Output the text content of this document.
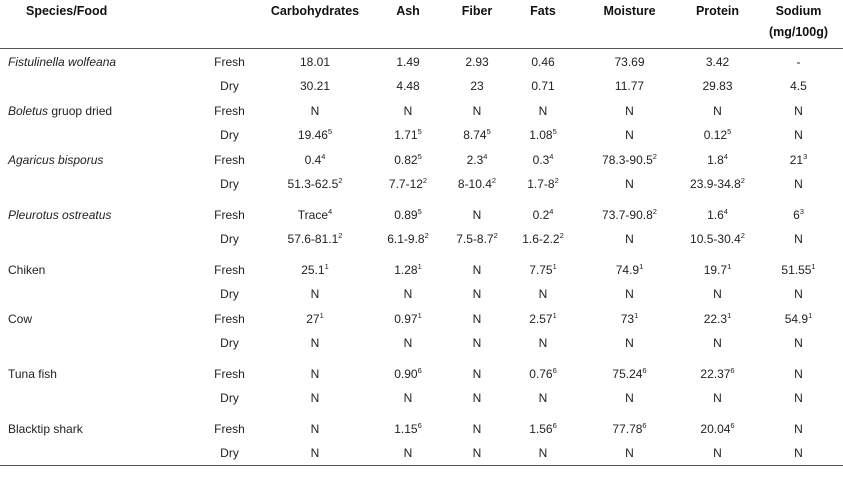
Species/Food		Carbohydrates	Ash	Fiber	Fats	Moisture	Protein	Sodium
								(mg/100g)
Fistulinella wolfeana	Fresh	18.01	1.49	2.93	0.46	73.69	3.42	-
	Dry	30.21	4.48	23	0.71	11.77	29.83	4.5
Boletus gruop dried	Fresh	N	N	N	N	N	N	N
	Dry	19.46$^5$	1.71$^5$	8.74$^5$	1.08$^5$	N	0.12$^5$	N
Agaricus bisporus	Fresh	$0.4^4$	0.82$^5$	$2.3^4$	$0.3^4$	78.3-90.5$^2$	$1.8^4$	$21^3$
	Dry	51.3-62.5$^2$	$7.7-12^2$	8-10.4$^2$	$1.7-8^2$	N	23.9-34.8$^2$	N
Pleurotus ostreatus	Fresh	Trace$^4$	0.89$^5$	N	$0.2^4$	73.7-90.8$^2$	$1.6^4$	$6^3$
	Dry	57.6-81.1$^2$	$6.1-9.8^2$	$7.5-8.7^2$	$1.6-2.2^2$	N	10.5-30.4$^2$	N
Chiken	Fresh	25.1$^1$	1.28$^1$	N	7.75$^1$	74.9$^1$	19.7$^1$	51.55$^1$
	Dry	N	N	N	N	N	N	N
Cow	Fresh	$27^1$	0.97$^1$	N	2.57$^1$	$73^1$	22.3$^1$	54.9$^1$
	Dry	N	N	N	N	N	N	N
Tuna fish	Fresh	N	0.90$^6$	N	0.76$^6$	75.24$^6$	22.37$^6$	N
	Dry	N	N	N	N	N	N	N
Blacktip shark	Fresh	N	1.15$^6$	N	1.56$^6$	77.78$^6$	20.04$^6$	N
	Dry	N	N	N	N	N	N	N
